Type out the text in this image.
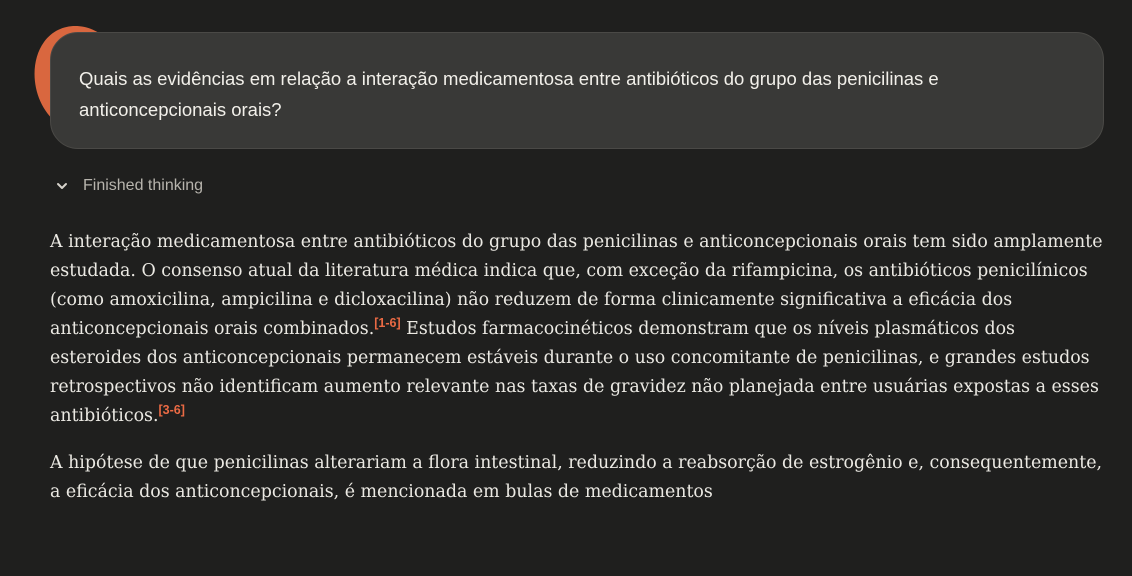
Quais as evidências em relação a interação medicamentosa entre antibióticos do grupo das penicilinas e anticoncepcionais orais?
Finished thinking

A interação medicamentosa entre antibióticos do grupo das penicilinas e anticoncepcionais orais tem sido amplamente estudada. O consenso atual da literatura médica indica que, com exceção da rifampicina, os antibióticos penicilínicos (como amoxicilina, ampicilina e dicloxacilina) não reduzem de forma clinicamente significativa a eficácia dos anticoncepcionais orais combinados.[1-6] Estudos farmacocinéticos demonstram que os níveis plasmáticos dos esteroides dos anticoncepcionais permanecem estáveis durante o uso concomitante de penicilinas, e grandes estudos retrospectivos não identificam aumento relevante nas taxas de gravidez não planejada entre usuárias expostas a esses antibióticos.[3-6]

A hipótese de que penicilinas alterariam a flora intestinal, reduzindo a reabsorção de estrogênio e, consequentemente, a eficácia dos anticoncepcionais, é mencionada em bulas de medicamentos
